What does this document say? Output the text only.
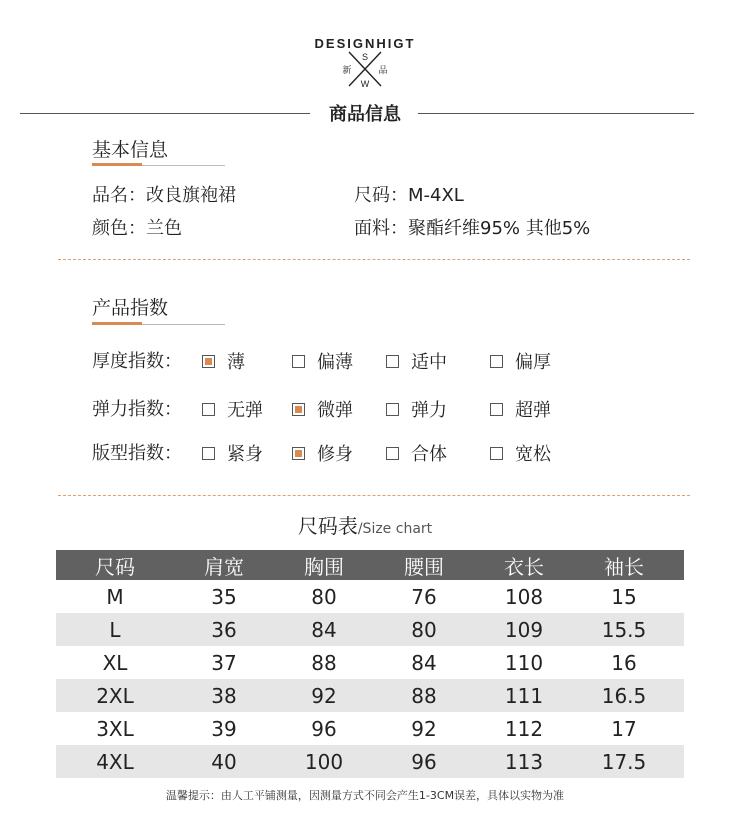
DESIGNHIGT
S
新	品
W
商品信息
基本信息
品名：改良旗袍裙	尺码：M-4XL
颜色：兰色	面料：聚酯纤维95% 其他5%
产品指数
厚度指数：	薄	偏薄	适中	偏厚
弹力指数：	无弹	微弹	弹力	超弹
版型指数：	紧身	修身	合体	宽松
尺码表/Size chart
尺码	肩宽	胸围	腰围	衣长	袖长
M	35	80	76	108	15
L	36	84	80	109	15.5
XL	37	88	84	110	16
2XL	38	92	88	111	16.5
3XL	39	96	92	112	17
4XL	40	100	96	113	17.5
温馨提示：由人工平铺测量，因测量方式不同会产生1-3CM误差，具体以实物为准
